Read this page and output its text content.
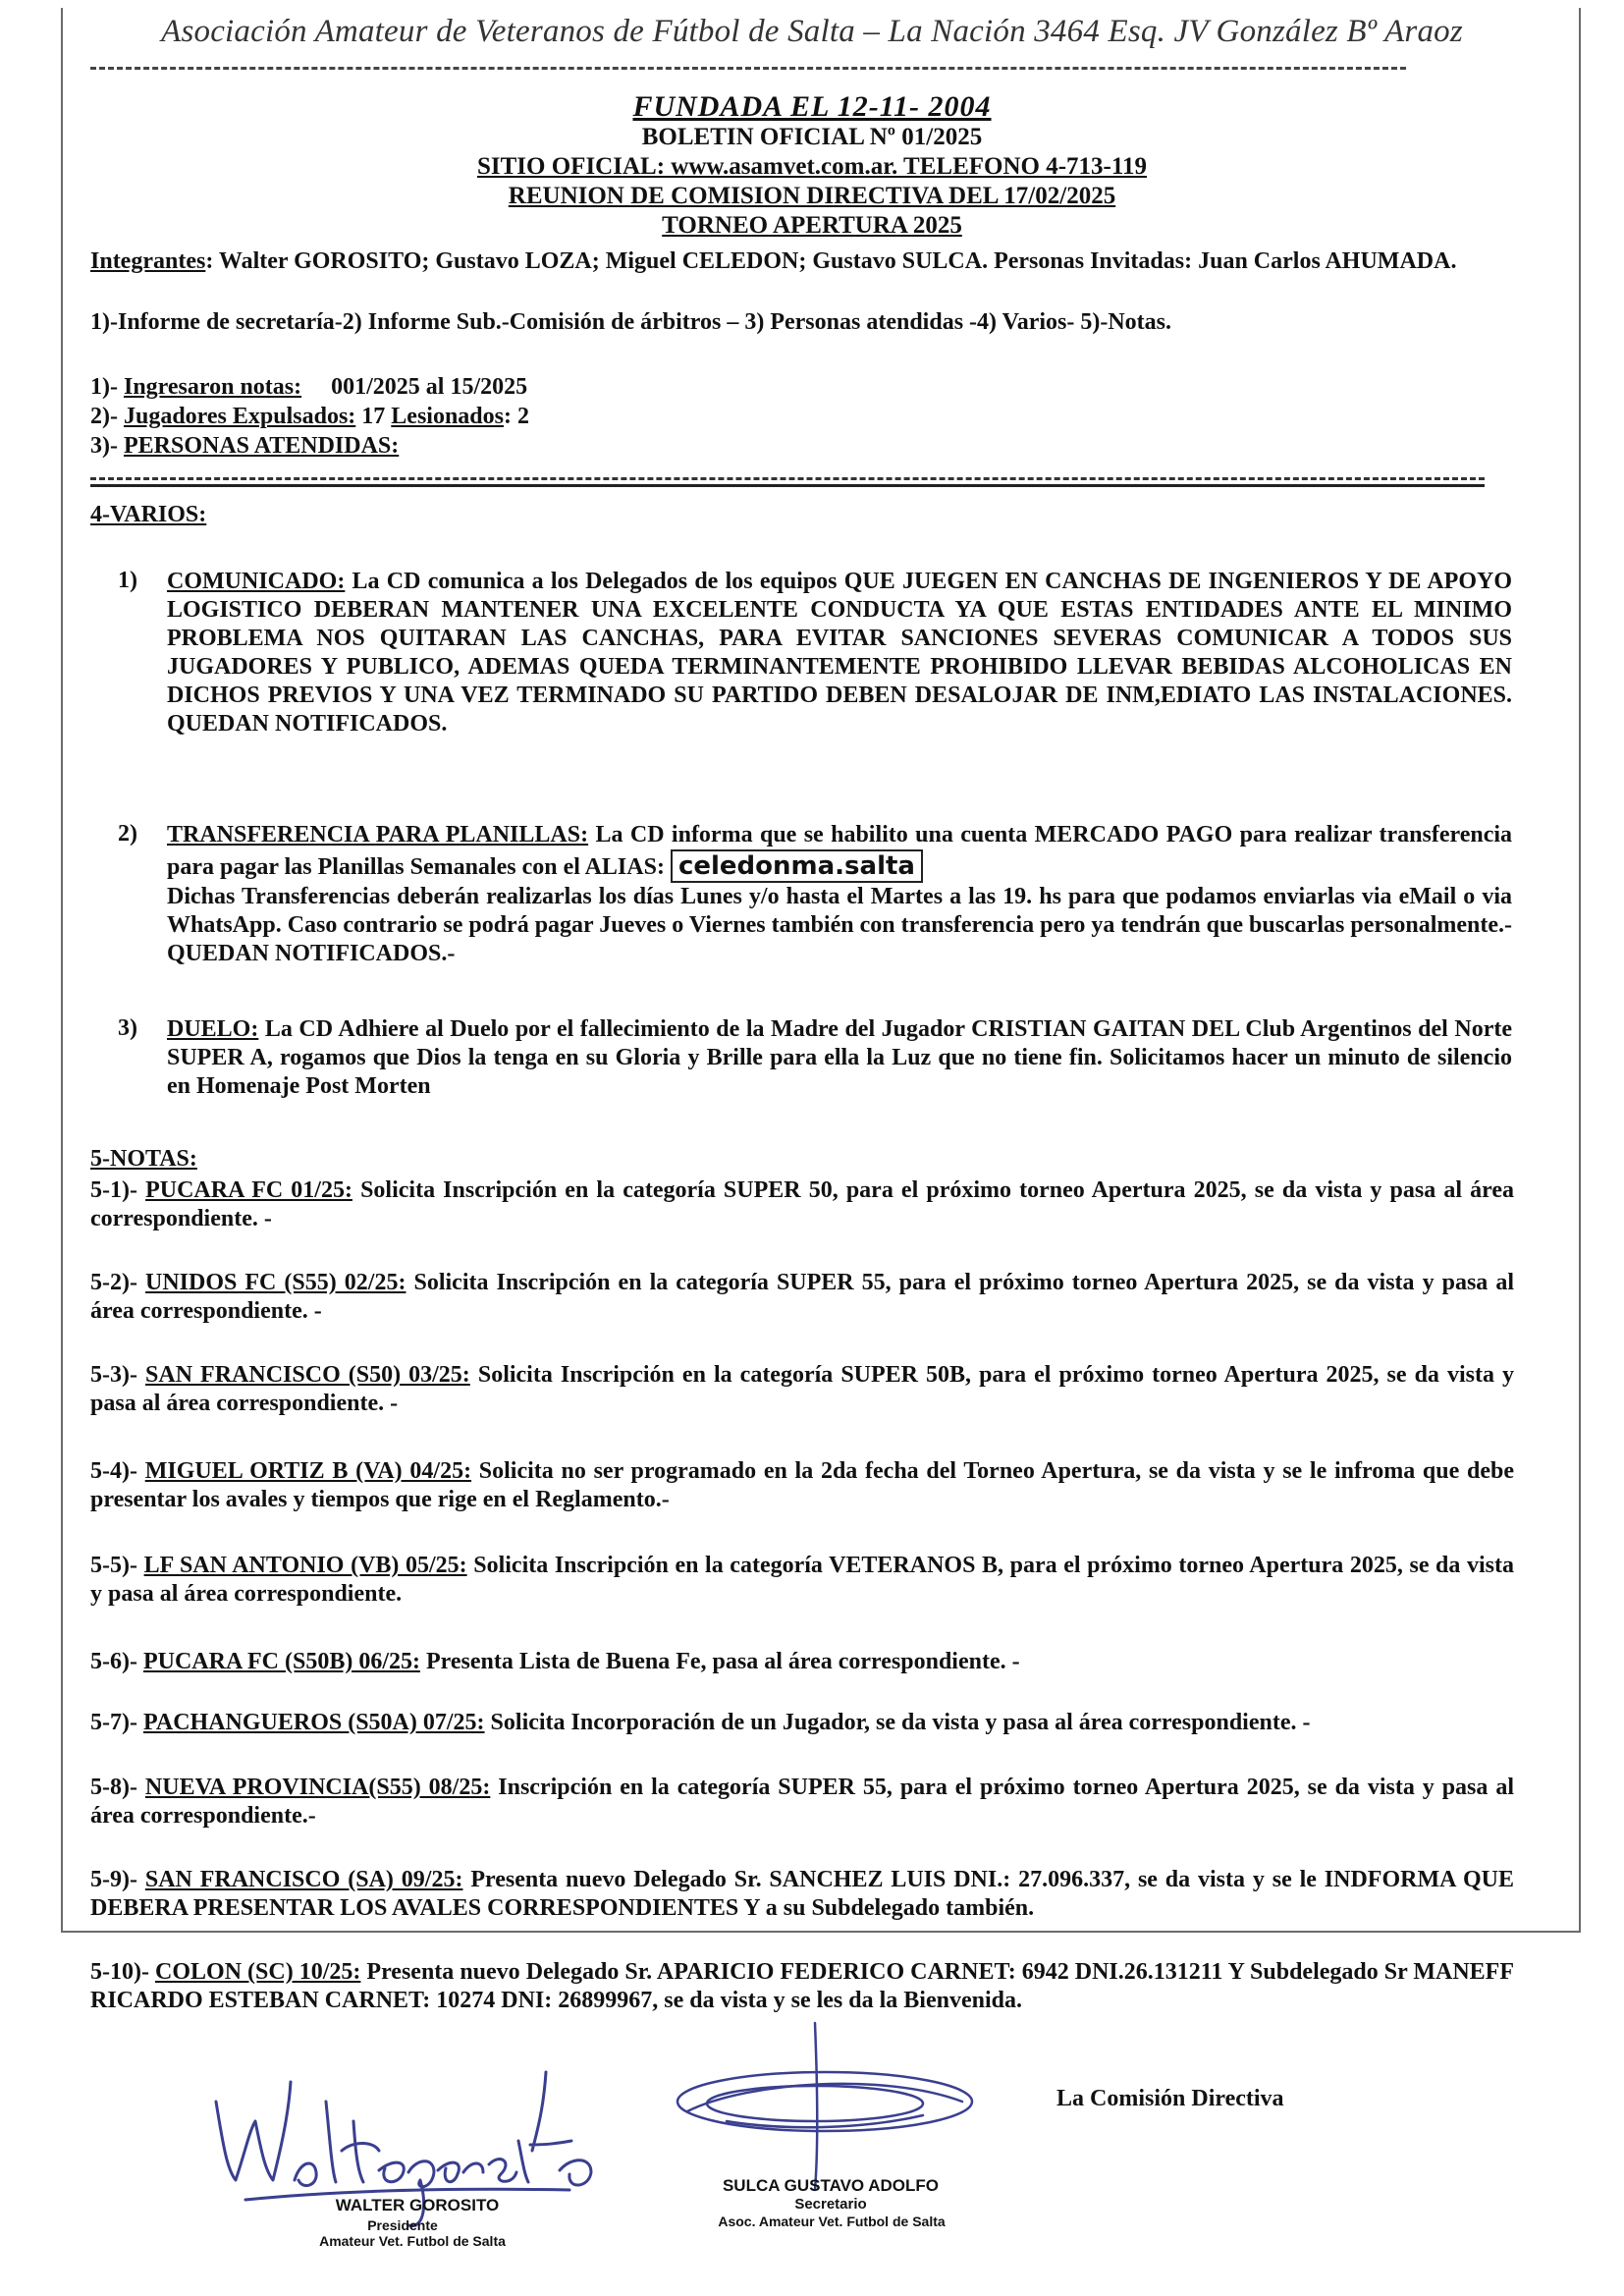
Asociación Amateur de Veteranos de Fútbol de Salta – La Nación 3464 Esq. JV González Bº Araoz
FUNDADA EL 12-11- 2004
BOLETIN OFICIAL Nº 01/2025
SITIO OFICIAL: www.asamvet.com.ar. TELEFONO 4-713-119
REUNION DE COMISION DIRECTIVA DEL 17/02/2025
TORNEO APERTURA 2025
Integrantes: Walter GOROSITO; Gustavo LOZA; Miguel CELEDON; Gustavo SULCA. Personas Invitadas: Juan Carlos AHUMADA.
1)-Informe de secretaría-2) Informe Sub.-Comisión de árbitros – 3) Personas atendidas -4) Varios- 5)-Notas.
1)- Ingresaron notas: 001/2025 al 15/2025
2)- Jugadores Expulsados: 17 Lesionados: 2
3)- PERSONAS ATENDIDAS:
4-VARIOS:
1) COMUNICADO: La CD comunica a los Delegados de los equipos QUE JUEGEN EN CANCHAS DE INGENIEROS Y DE APOYO LOGISTICO DEBERAN MANTENER UNA EXCELENTE CONDUCTA YA QUE ESTAS ENTIDADES ANTE EL MINIMO PROBLEMA NOS QUITARAN LAS CANCHAS, PARA EVITAR SANCIONES SEVERAS COMUNICAR A TODOS SUS JUGADORES Y PUBLICO, ADEMAS QUEDA TERMINANTEMENTE PROHIBIDO LLEVAR BEBIDAS ALCOHOLICAS EN DICHOS PREVIOS Y UNA VEZ TERMINADO SU PARTIDO DEBEN DESALOJAR DE INM,EDIATO LAS INSTALACIONES. QUEDAN NOTIFICADOS.
2) TRANSFERENCIA PARA PLANILLAS: La CD informa que se habilito una cuenta MERCADO PAGO para realizar transferencia para pagar las Planillas Semanales con el ALIAS: celedonma.salta
Dichas Transferencias deberán realizarlas los días Lunes y/o hasta el Martes a las 19. hs para que podamos enviarlas via eMail o via WhatsApp. Caso contrario se podrá pagar Jueves o Viernes también con transferencia pero ya tendrán que buscarlas personalmente.- QUEDAN NOTIFICADOS.-
3) DUELO: La CD Adhiere al Duelo por el fallecimiento de la Madre del Jugador CRISTIAN GAITAN DEL Club Argentinos del Norte SUPER A, rogamos que Dios la tenga en su Gloria y Brille para ella la Luz que no tiene fin. Solicitamos hacer un minuto de silencio en Homenaje Post Morten
5-NOTAS:
5-1)- PUCARA FC 01/25: Solicita Inscripción en la categoría SUPER 50, para el próximo torneo Apertura 2025, se da vista y pasa al área correspondiente. -
5-2)- UNIDOS FC (S55) 02/25: Solicita Inscripción en la categoría SUPER 55, para el próximo torneo Apertura 2025, se da vista y pasa al área correspondiente. -
5-3)- SAN FRANCISCO (S50) 03/25: Solicita Inscripción en la categoría SUPER 50B, para el próximo torneo Apertura 2025, se da vista y pasa al área correspondiente. -
5-4)- MIGUEL ORTIZ B (VA) 04/25: Solicita no ser programado en la 2da fecha del Torneo Apertura, se da vista y se le infroma que debe presentar los avales y tiempos que rige en el Reglamento.-
5-5)- LF SAN ANTONIO (VB) 05/25: Solicita Inscripción en la categoría VETERANOS B, para el próximo torneo Apertura 2025, se da vista y pasa al área correspondiente.
5-6)- PUCARA FC (S50B) 06/25: Presenta Lista de Buena Fe, pasa al área correspondiente. -
5-7)- PACHANGUEROS (S50A) 07/25: Solicita Incorporación de un Jugador, se da vista y pasa al área correspondiente. -
5-8)- NUEVA PROVINCIA(S55) 08/25: Inscripción en la categoría SUPER 55, para el próximo torneo Apertura 2025, se da vista y pasa al área correspondiente.-
5-9)- SAN FRANCISCO (SA) 09/25: Presenta nuevo Delegado Sr. SANCHEZ LUIS DNI.: 27.096.337, se da vista y se le INDFORMA QUE DEBERA PRESENTAR LOS AVALES CORRESPONDIENTES Y a su Subdelegado también.
5-10)- COLON (SC) 10/25: Presenta nuevo Delegado Sr. APARICIO FEDERICO CARNET: 6942 DNI.26.131211 Y Subdelegado Sr MANEFF RICARDO ESTEBAN CARNET: 10274 DNI: 26899967, se da vista y se les da la Bienvenida.
La Comisión Directiva
WALTER GOROSITO
Presidente
Amateur Vet. Futbol de Salta
SULCA GUSTAVO ADOLFO
Secretario
Asoc. Amateur Vet. Futbol de Salta
